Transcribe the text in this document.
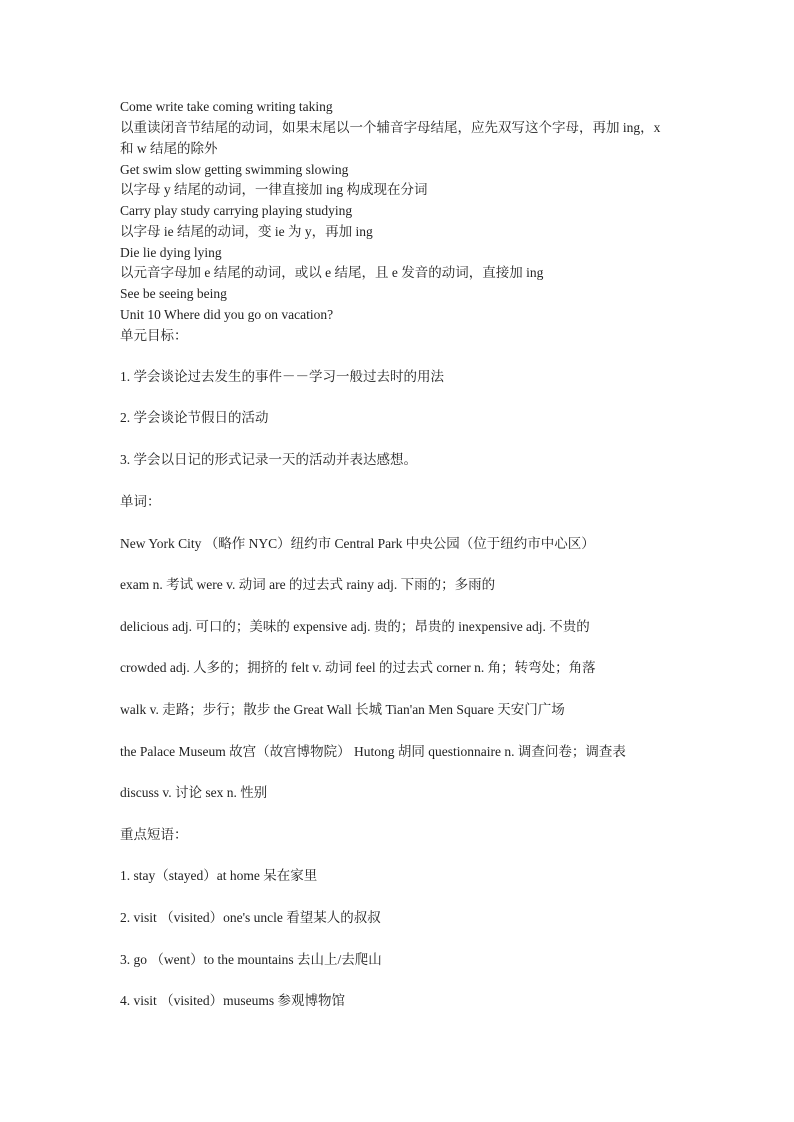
Come write take coming writing taking
以重读闭音节结尾的动词，如果末尾以一个辅音字母结尾，应先双写这个字母，再加 ing，x
和 w 结尾的除外
Get swim slow getting swimming slowing
以字母 y 结尾的动词，一律直接加 ing 构成现在分词
Carry play study carrying playing studying
以字母 ie 结尾的动词，变 ie 为 y，再加 ing
Die lie dying lying
以元音字母加 e 结尾的动词，或以 e 结尾，且 e 发音的动词，直接加 ing
See be seeing being
Unit 10 Where did you go on vacation?
单元目标：
1. 学会谈论过去发生的事件－－学习一般过去时的用法
2. 学会谈论节假日的活动
3. 学会以日记的形式记录一天的活动并表达感想。
单词：
New York City （略作 NYC）纽约市 Central Park 中央公园（位于纽约市中心区）
exam n. 考试 were v. 动词 are 的过去式 rainy adj. 下雨的；多雨的
delicious adj. 可口的；美味的 expensive adj. 贵的；昂贵的 inexpensive adj. 不贵的
crowded adj. 人多的；拥挤的 felt v. 动词 feel 的过去式 corner n. 角；转弯处；角落
walk v. 走路；步行；散步 the Great Wall 长城 Tian'an Men Square 天安门广场
the Palace Museum 故宫（故宫博物院） Hutong 胡同 questionnaire n. 调查问卷；调查表
discuss v. 讨论 sex n. 性别
重点短语：
1. stay（stayed）at home 呆在家里
2. visit （visited）one's uncle 看望某人的叔叔
3. go （went）to the mountains 去山上/去爬山
4. visit （visited）museums 参观博物馆
